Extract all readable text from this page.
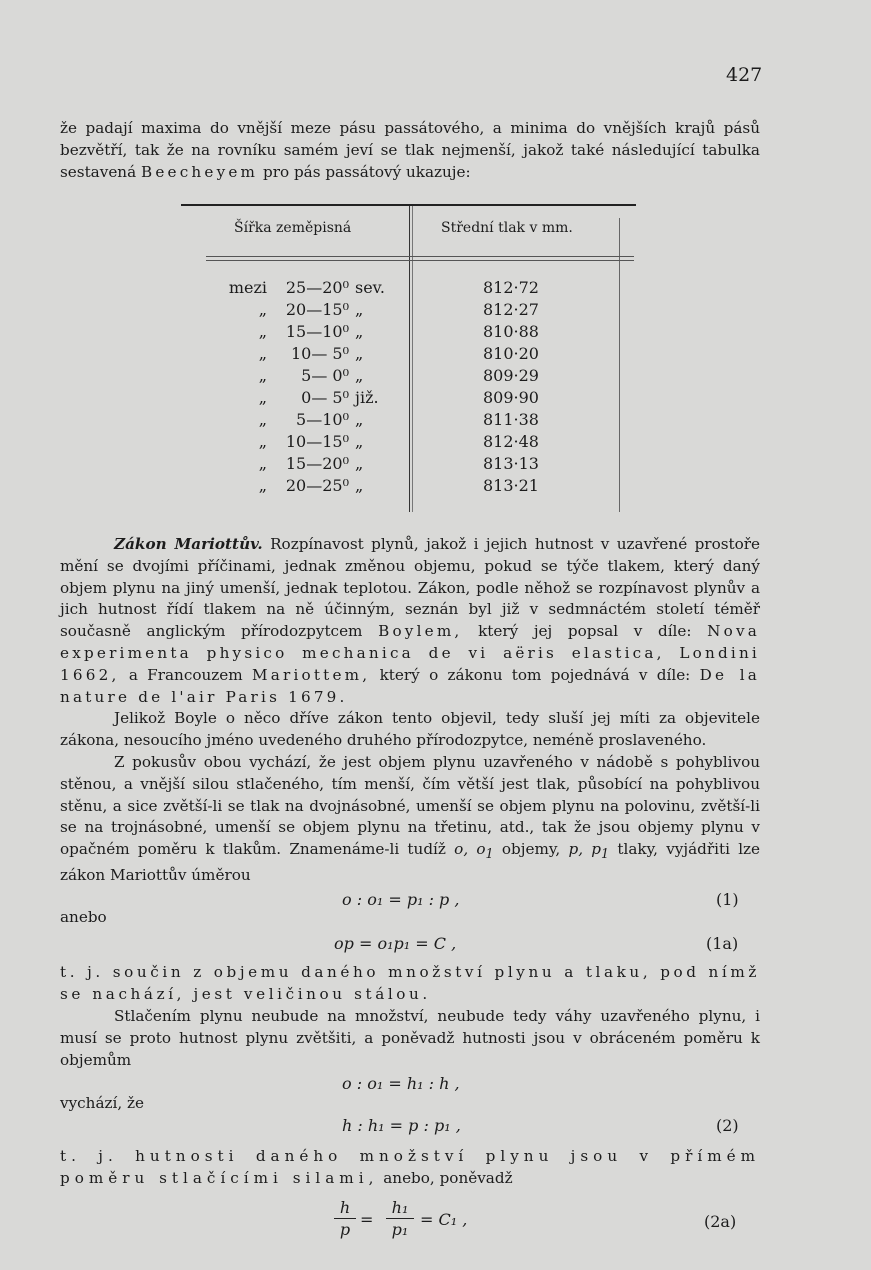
427
že padají maxima do vnější meze pásu passátového, a minima do vnějších krajů pásů bezvětří, tak že na rovníku samém jeví se tlak nejmenší, jakož také následující tabulka sestavená Beecheyem pro pás passátový ukazuje:
Šířka zeměpisná	Střední tlak v mm.
mezi	25—20⁰ sev.	812·72
„	20—15⁰ „	812·27
„	15—10⁰ „	810·88
„	10— 5⁰ „	810·20
„	5— 0⁰ „	809·29
„	0— 5⁰ již.	809·90
„	5—10⁰ „	811·38
„	10—15⁰ „	812·48
„	15—20⁰ „	813·13
„	20—25⁰ „	813·21
Zákon Mariottův. Rozpínavost plynů, jakož i jejich hutnost v uzavřené prostoře mění se dvojími příčinami, jednak změnou objemu, pokud se týče tlakem, který daný objem plynu na jiný umenší, jednak teplotou. Zákon, podle něhož se rozpínavost plynův a jich hutnost řídí tlakem na ně účinným, seznán byl již v sedmnáctém století téměř současně anglickým přírodozpytcem Boylem, který jej popsal v díle: Nova experimenta physico mechanica de vi aëris elastica, Londini 1662, a Francouzem Mariottem, který o zákonu tom pojednává v díle: De la nature de l'air Paris 1679.
Jelikož Boyle o něco dříve zákon tento objevil, tedy sluší jej míti za objevitele zákona, nesoucího jméno uvedeného druhého přírodozpytce, neméně proslaveného.
Z pokusův obou vychází, že jest objem plynu uzavřeného v nádobě s pohyblivou stěnou, a vnější silou stlačeného, tím menší, čím větší jest tlak, působící na pohyblivou stěnu, a sice zvětší-li se tlak na dvojnásobné, umenší se objem plynu na polovinu, zvětší-li se na trojnásobné, umenší se objem plynu na třetinu, atd., tak že jsou objemy plynu v opačném poměru k tlakům. Znamenáme-li tudíž o, $o_1$ objemy, p, $p_1$ tlaky, vyjádřiti lze zákon Mariottův úměrou
o : o₁ = p₁ : p ,	(1)
anebo
op = o₁p₁ = C ,	(1a)
t. j. součin z objemu daného množství plynu a tlaku, pod nímž se nachází, jest veličinou stálou.
Stlačením plynu neubude na množství, neubude tedy váhy uzavřeného plynu, i musí se proto hutnost plynu zvětšiti, a poněvadž hutnosti jsou v obráceném poměru k objemům
o : o₁ = h₁ : h ,
vychází, že
h : h₁ = p : p₁ ,	(2)
t. j. hutnosti daného množství plynu jsou v přímém poměru stlačícími silami, anebo, poněvadž
h
p
=
h₁
p₁
= C₁ ,	(2a)
